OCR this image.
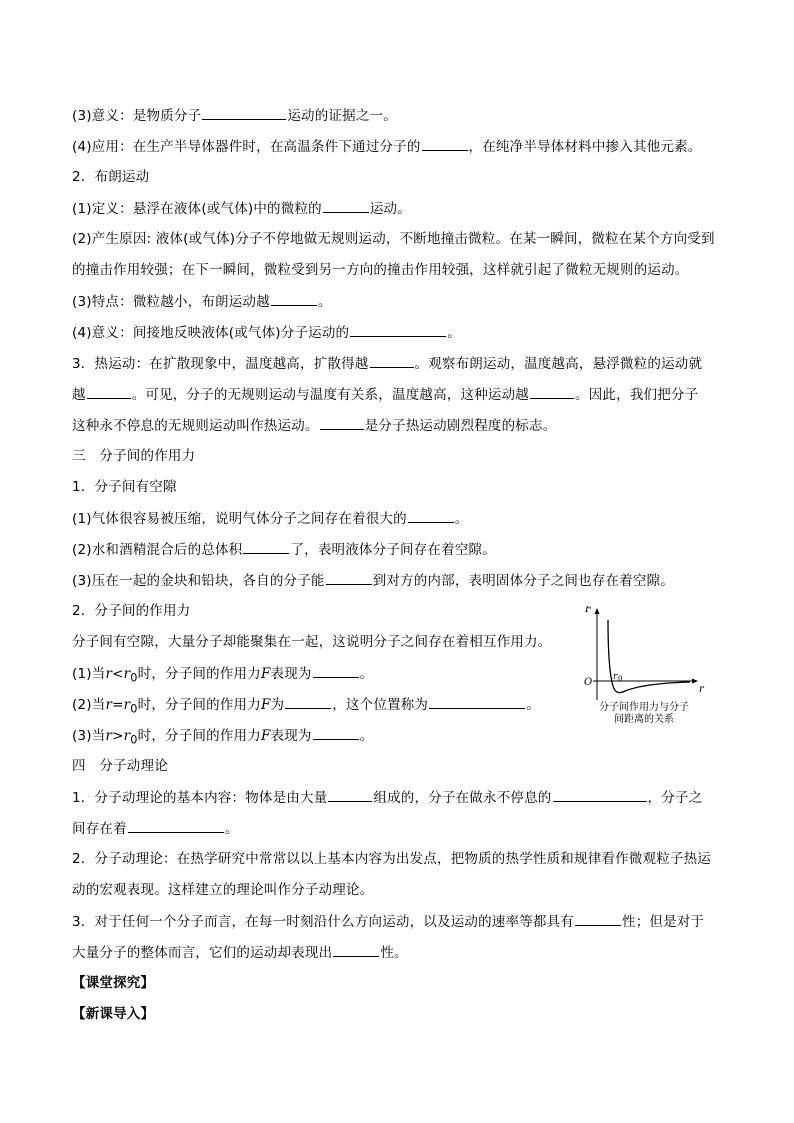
(3)意义：是物质分子	运动的证据之一。
(4)应用：在生产半导体器件时，在高温条件下通过分子的	，在纯净半导体材料中掺入其他元素。
2．布朗运动
(1)定义：悬浮在液体(或气体)中的微粒的	运动。
(2)产生原因: 液体(或气体)分子不停地做无规则运动，不断地撞击微粒。在某一瞬间，微粒在某个方向受到
的撞击作用较强；在下一瞬间，微粒受到另一方向的撞击作用较强，这样就引起了微粒无规则的运动。
(3)特点：微粒越小，布朗运动越	。
(4)意义：间接地反映液体(或气体)分子运动的	。
3．热运动：在扩散现象中，温度越高，扩散得越	。观察布朗运动，温度越高，悬浮微粒的运动就
越	。可见，分子的无规则运动与温度有关系，温度越高，这种运动越	。因此，我们把分子
这种永不停息的无规则运动叫作热运动。	是分子热运动剧烈程度的标志。
三　分子间的作用力
1．分子间有空隙
(1)气体很容易被压缩，说明气体分子之间存在着很大的	。
(2)水和酒精混合后的总体积	了，表明液体分子间存在着空隙。
(3)压在一起的金块和铅块，各自的分子能	到对方的内部，表明固体分子之间也存在着空隙。
2．分子间的作用力
分子间有空隙，大量分子却能聚集在一起，这说明分子之间存在着相互作用力。
(1)当$r<r_0$时，分子间的作用力F表现为	。
(2)当$r=r_0$时，分子间的作用力F为	，这个位置称为	。
(3)当$r>r_0$时，分子间的作用力F表现为	。
四　分子动理论
1．分子动理论的基本内容：物体是由大量	组成的，分子在做永不停息的	，分子之
间存在着	。
2．分子动理论：在热学研究中常常以以上基本内容为出发点，把物质的热学性质和规律看作微观粒子热运
动的宏观表现。这样建立的理论叫作分子动理论。
3．对于任何一个分子而言，在每一时刻沿什么方向运动，以及运动的速率等都具有	性；但是对于
大量分子的整体而言，它们的运动却表现出	性。
【课堂探究】
【新课导入】
F
r
O r 0
分子间作用力与分子
间距离的关系
